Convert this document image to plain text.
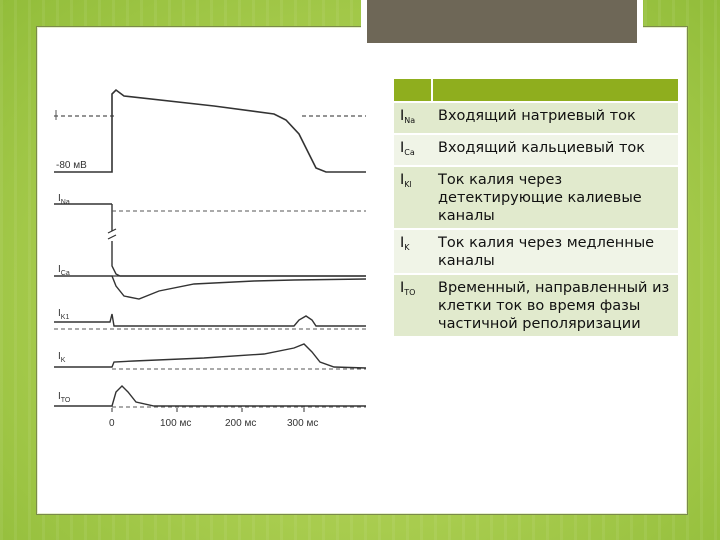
-80 мВ
$I_{Na}$
$I_{Ca}$
$I_{K1}$
$I_K$
$I_{TO}$
0	100 мс	200 мс	300 мс

$I_{Na}$	Входящий натриевый ток
$I_{Ca}$	Входящий кальциевый ток
$I_{Kl}$	Ток калия через детектирующие калиевые каналы
$I_K$	Ток калия через медленные каналы
$I_{TO}$	Временный, направленный из клетки ток во время фазы частичной реполяризации
